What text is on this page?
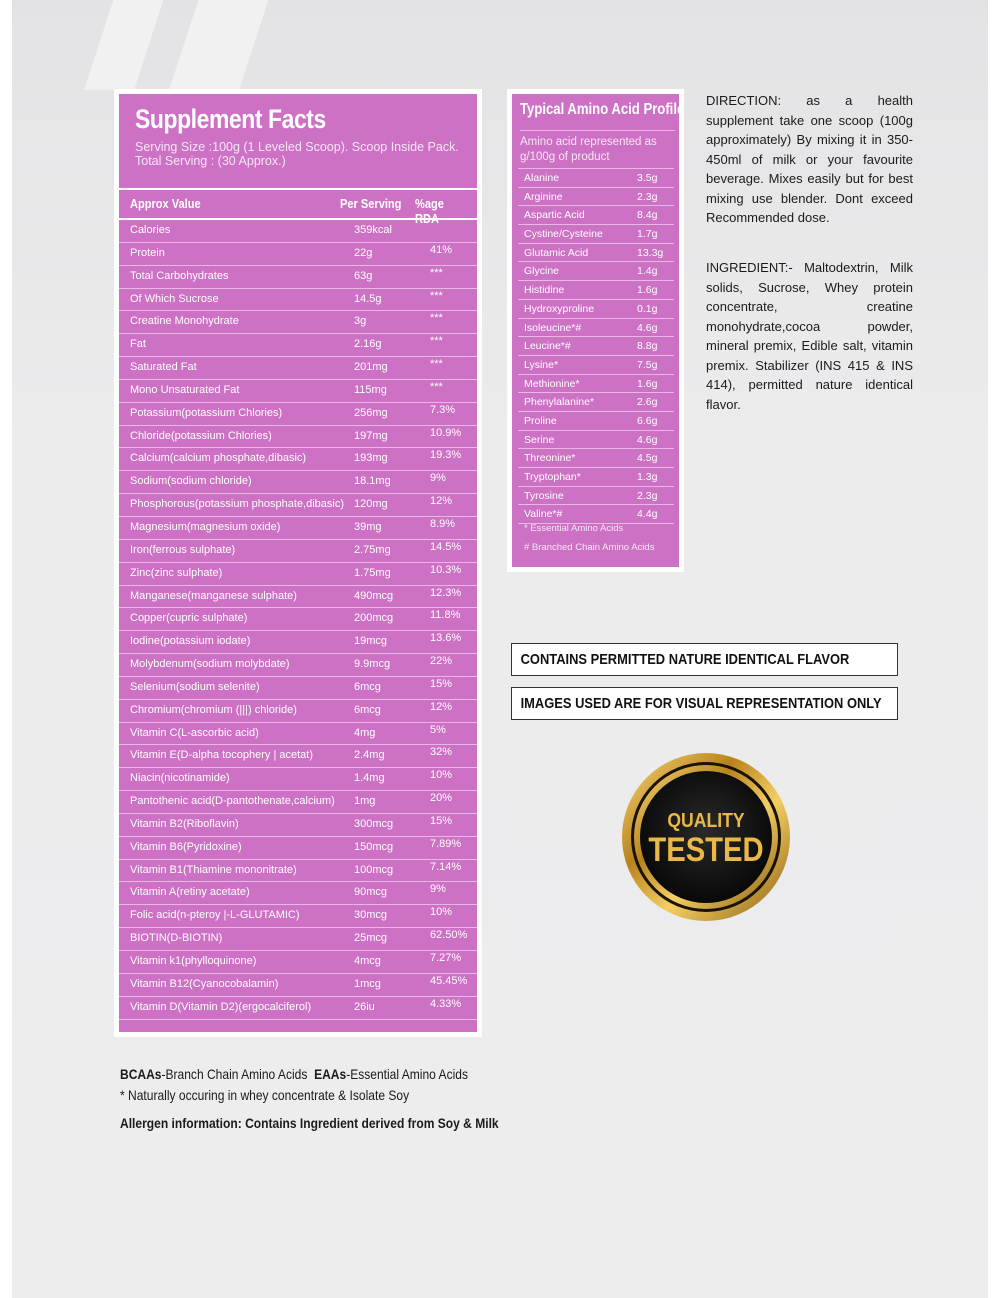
Supplement Facts
Serving Size :100g (1 Leveled Scoop). Scoop Inside Pack.
Total Serving : (30 Approx.)
Approx Value	Per Serving %age RDA
Calories	359kcal
Protein	22g	41%
Total Carbohydrates	63g	***
Of Which Sucrose	14.5g	***
Creatine Monohydrate	3g	***
Fat	2.16g	***
Saturated Fat	201mg	***
Mono Unsaturated Fat	115mg	***
Potassium(potassium Chlories)	256mg	7.3%
Chloride(potassium Chlories)	197mg	10.9%
Calcium(calcium phosphate,dibasic)	193mg	19.3%
Sodium(sodium chloride)	18.1mg	9%
Phosphorous(potassium phosphate,dibasic) 120mg	12%
Magnesium(magnesium oxide)	39mg	8.9%
Iron(ferrous sulphate)	2.75mg	14.5%
Zinc(zinc sulphate)	1.75mg	10.3%
Manganese(manganese sulphate)	490mcg	12.3%
Copper(cupric sulphate)	200mcg	11.8%
Iodine(potassium iodate)	19mcg	13.6%
Molybdenum(sodium molybdate)	9.9mcg	22%
Selenium(sodium selenite)	6mcg	15%
Chromium(chromium (|||) chloride)	6mcg	12%
Vitamin C(L-ascorbic acid)	4mg	5%
Vitamin E(D-alpha tocophery | acetat)	2.4mg	32%
Niacin(nicotinamide)	1.4mg	10%
Pantothenic acid(D-pantothenate,calcium) 1mg	20%
Vitamin B2(Riboflavin)	300mcg	15%
Vitamin B6(Pyridoxine)	150mcg	7.89%
Vitamin B1(Thiamine mononitrate)	100mcg	7.14%
Vitamin A(retiny acetate)	90mcg	9%
Folic acid(n-pteroy |-L-GLUTAMIC)	30mcg	10%
BIOTIN(D-BIOTIN)	25mcg	62.50%
Vitamin k1(phylloquinone)	4mcg	7.27%
Vitamin B12(Cyanocobalamin)	1mcg	45.45%
Vitamin D(Vitamin D2)(ergocalciferol)	26iu	4.33%
Typical Amino Acid Profile
Amino acid represented as g/100g of product
Alanine	3.5g
Arginine	2.3g
Aspartic Acid	8.4g
Cystine/Cysteine	1.7g
Glutamic Acid	13.3g
Glycine	1.4g
Histidine	1.6g
Hydroxyproline	0.1g
Isoleucine*#	4.6g
Leucine*#	8.8g
Lysine*	7.5g
Methionine*	1.6g
Phenylalanine*	2.6g
Proline	6.6g
Serine	4.6g
Threonine*	4.5g
Tryptophan*	1.3g
Tyrosine	2.3g
Valine*#	4.4g
* Essential Amino Acids
# Branched Chain Amino Acids

DIRECTION: as a health supplement take one scoop (100g approximately) By mixing it in 350-450ml of milk or your favourite beverage. Mixes easily but for best mixing use blender. Dont exceed Recommended dose.

INGREDIENT:- Maltodextrin, Milk solids, Sucrose, Whey protein concentrate, creatine monohydrate,cocoa powder, mineral premix, Edible salt, vitamin premix. Stabilizer (INS 415 & INS 414), permitted nature identical flavor.

CONTAINS PERMITTED NATURE IDENTICAL FLAVOR
IMAGES USED ARE FOR VISUAL REPRESENTATION ONLY
QUALITY
TESTED
BCAAs-Branch Chain Amino Acids EAAs-Essential Amino Acids
* Naturally occuring in whey concentrate & Isolate Soy
Allergen information: Contains Ingredient derived from Soy & Milk
